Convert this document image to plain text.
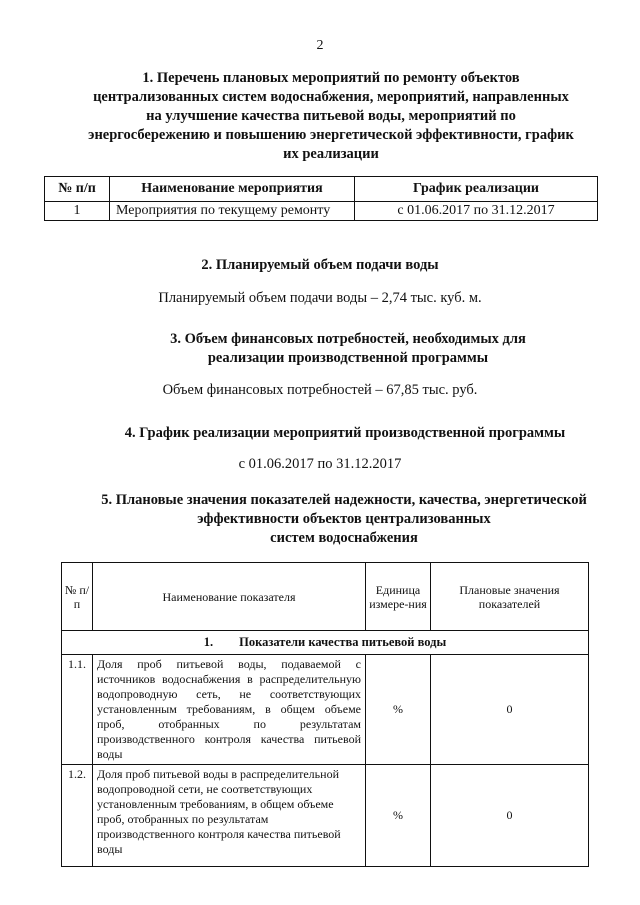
2
1. Перечень плановых мероприятий по ремонту объектов централизованных систем водоснабжения, мероприятий, направленных на улучшение качества питьевой воды, мероприятий по энергосбережению и повышению энергетической эффективности, график их реализации
№ п/п	Наименование мероприятия	График реализации
1	Мероприятия по текущему ремонту	с 01.06.2017 по 31.12.2017
2. Планируемый объем подачи воды
Планируемый объем подачи воды – 2,74 тыс. куб. м.
3. Объем финансовых потребностей, необходимых для реализации производственной программы
Объем финансовых потребностей – 67,85 тыс. руб.
4. График реализации мероприятий производственной программы
с 01.06.2017 по 31.12.2017
5. Плановые значения показателей надежности, качества, энергетической
эффективности объектов централизованных
систем водоснабжения
№ п/п	Наименование показателя	Единица измере-ния	Плановые значения показателей
1. Показатели качества питьевой воды			
1.1.	Доля проб питьевой воды, подаваемой с источников водоснабжения в распределительную водопроводную сеть, не соответствующих установленным требованиям, в общем объеме проб, отобранных по результатам производственного контроля качества питьевой воды	%	0
1.2.	Доля проб питьевой воды в распределительной водопроводной сети, не соответствующих установленным требованиям, в общем объеме проб, отобранных по результатам производственного контроля качества питьевой воды	%	0
